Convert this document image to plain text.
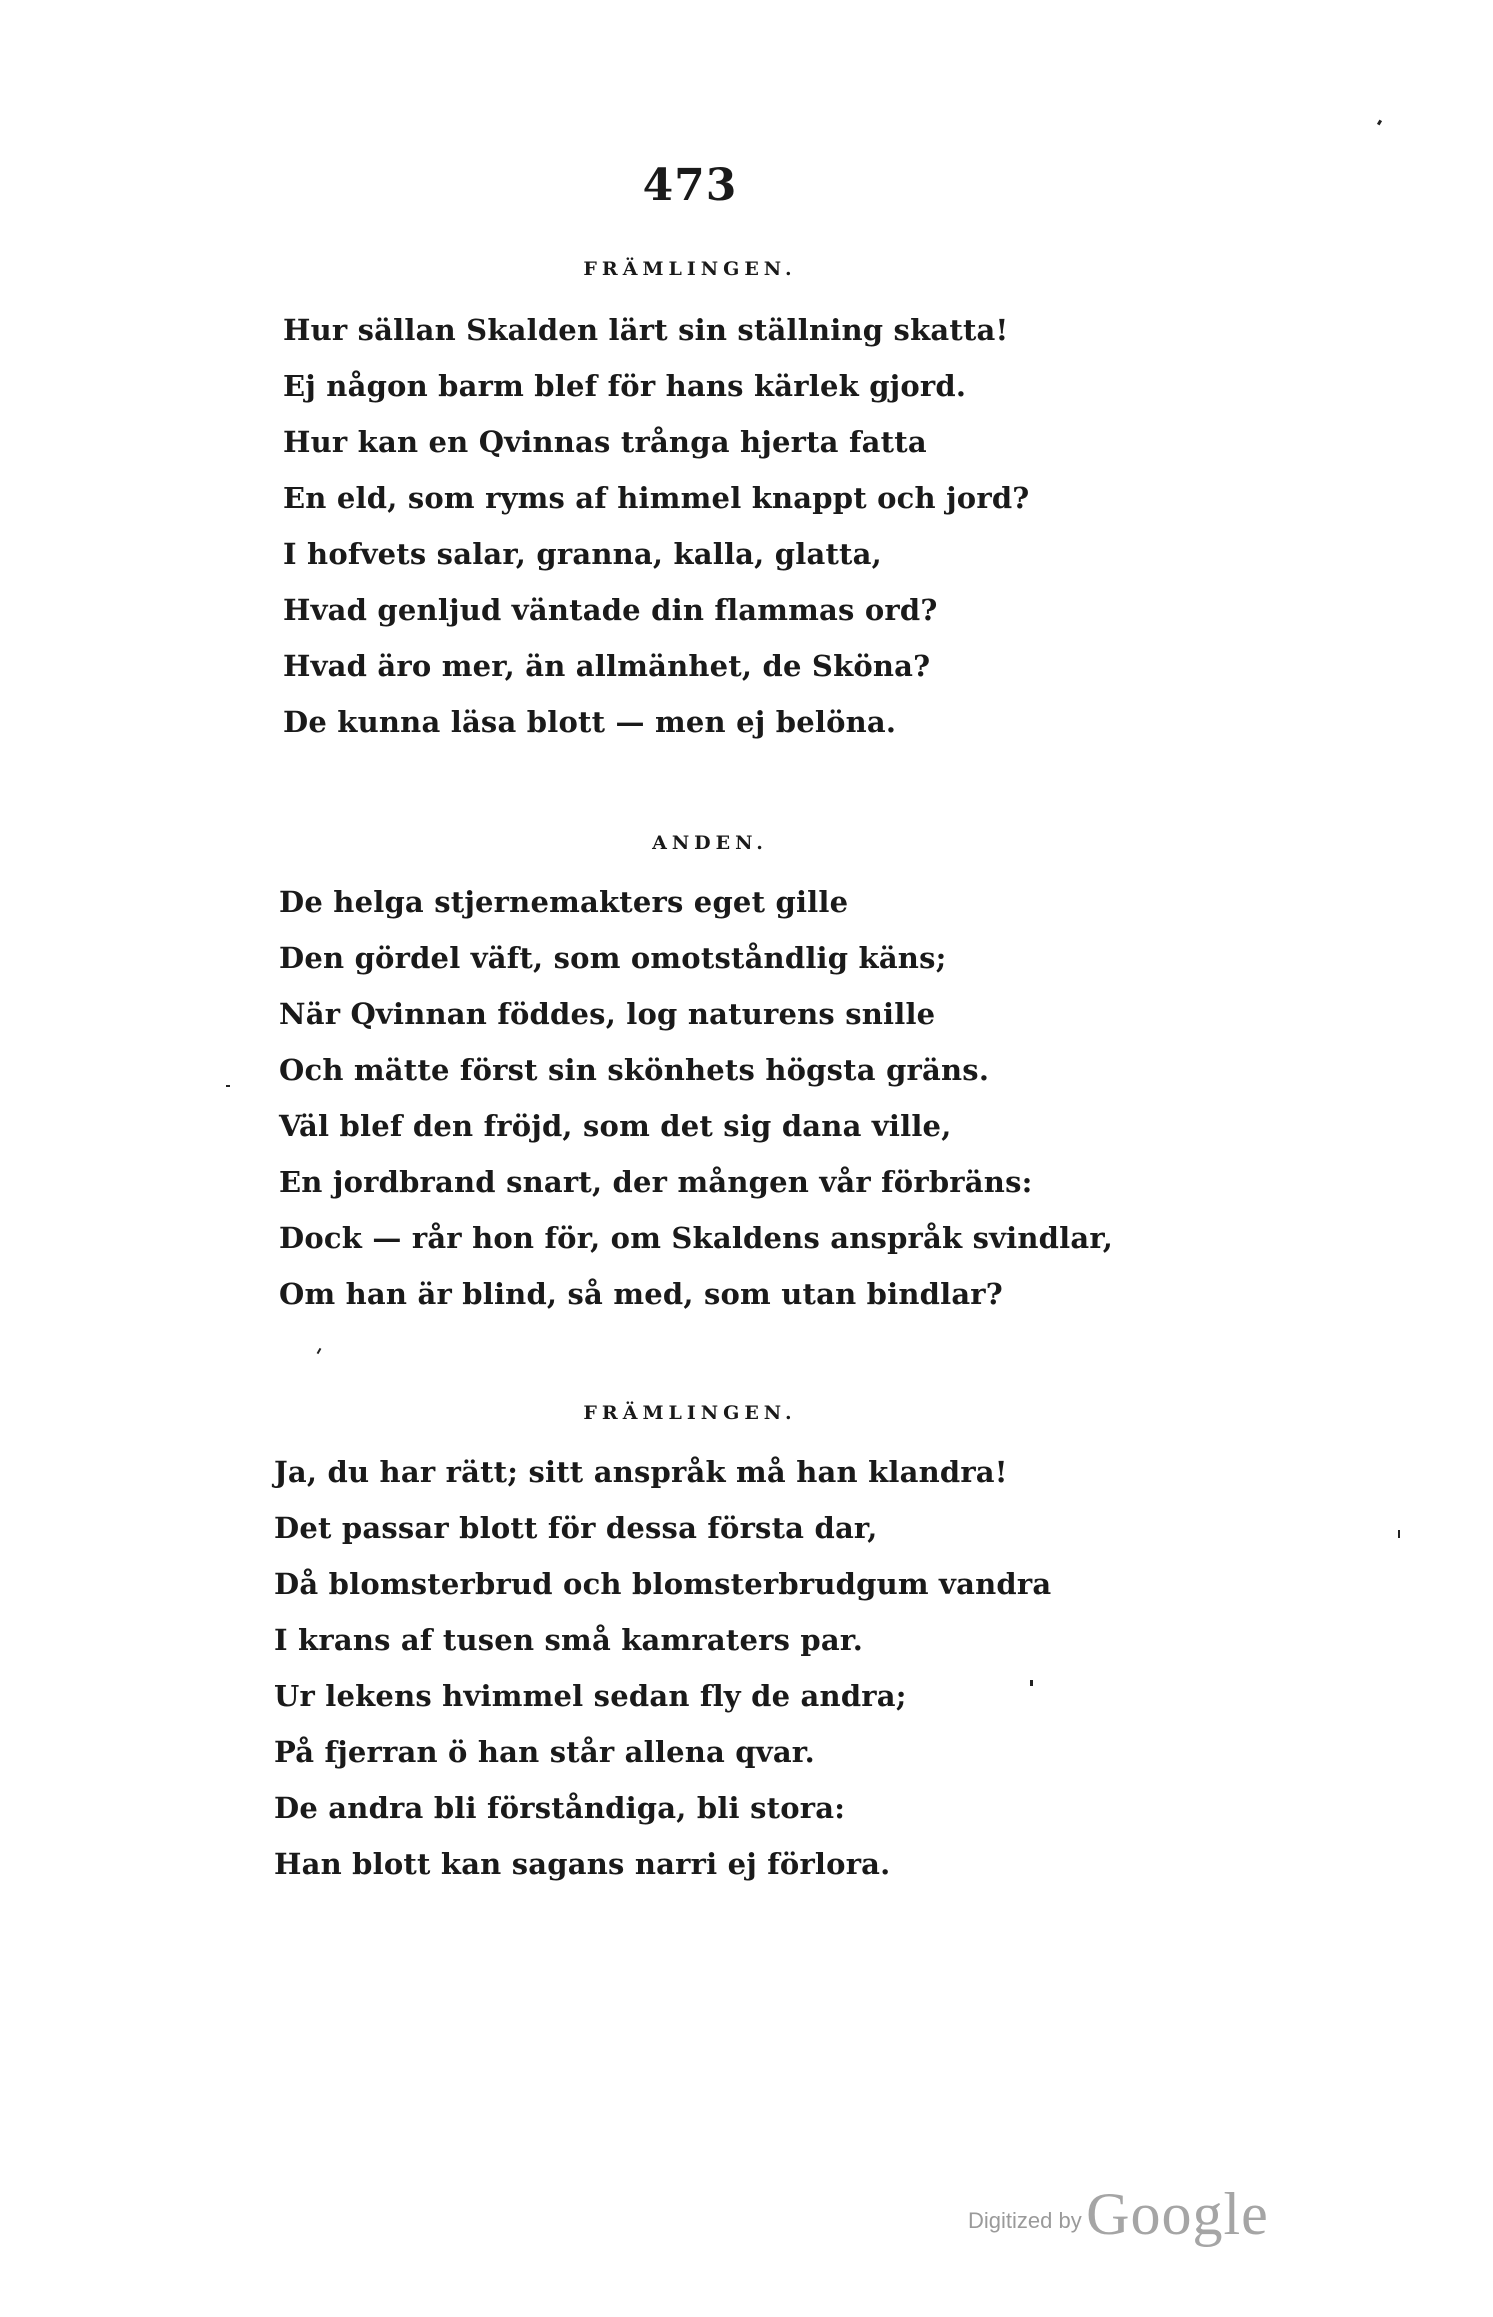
473
FRÄMLINGEN.
Hur sällan Skalden lärt sin ställning skatta!
Ej någon barm blef för hans kärlek gjord.
Hur kan en Qvinnas trånga hjerta fatta
En eld, som ryms af himmel knappt och jord?
I hofvets salar, granna, kalla, glatta,
Hvad genljud väntade din flammas ord?
Hvad äro mer, än allmänhet, de Sköna?
De kunna läsa blott — men ej belöna.
ANDEN.
De helga stjernemakters eget gille
Den gördel väft, som omotståndlig käns;
När Qvinnan föddes, log naturens snille
Och mätte först sin skönhets högsta gräns.
Väl blef den fröjd, som det sig dana ville,
En jordbrand snart, der mången vår förbräns:
Dock — rår hon för, om Skaldens anspråk svindlar,
Om han är blind, så med, som utan bindlar?
FRÄMLINGEN.
Ja, du har rätt; sitt anspråk må han klandra!
Det passar blott för dessa första dar,
Då blomsterbrud och blomsterbrudgum vandra
I krans af tusen små kamraters par.
Ur lekens hvimmel sedan fly de andra;
På fjerran ö han står allena qvar.
De andra bli förståndiga, bli stora:
Han blott kan sagans narri ej förlora.
Digitized by Google
